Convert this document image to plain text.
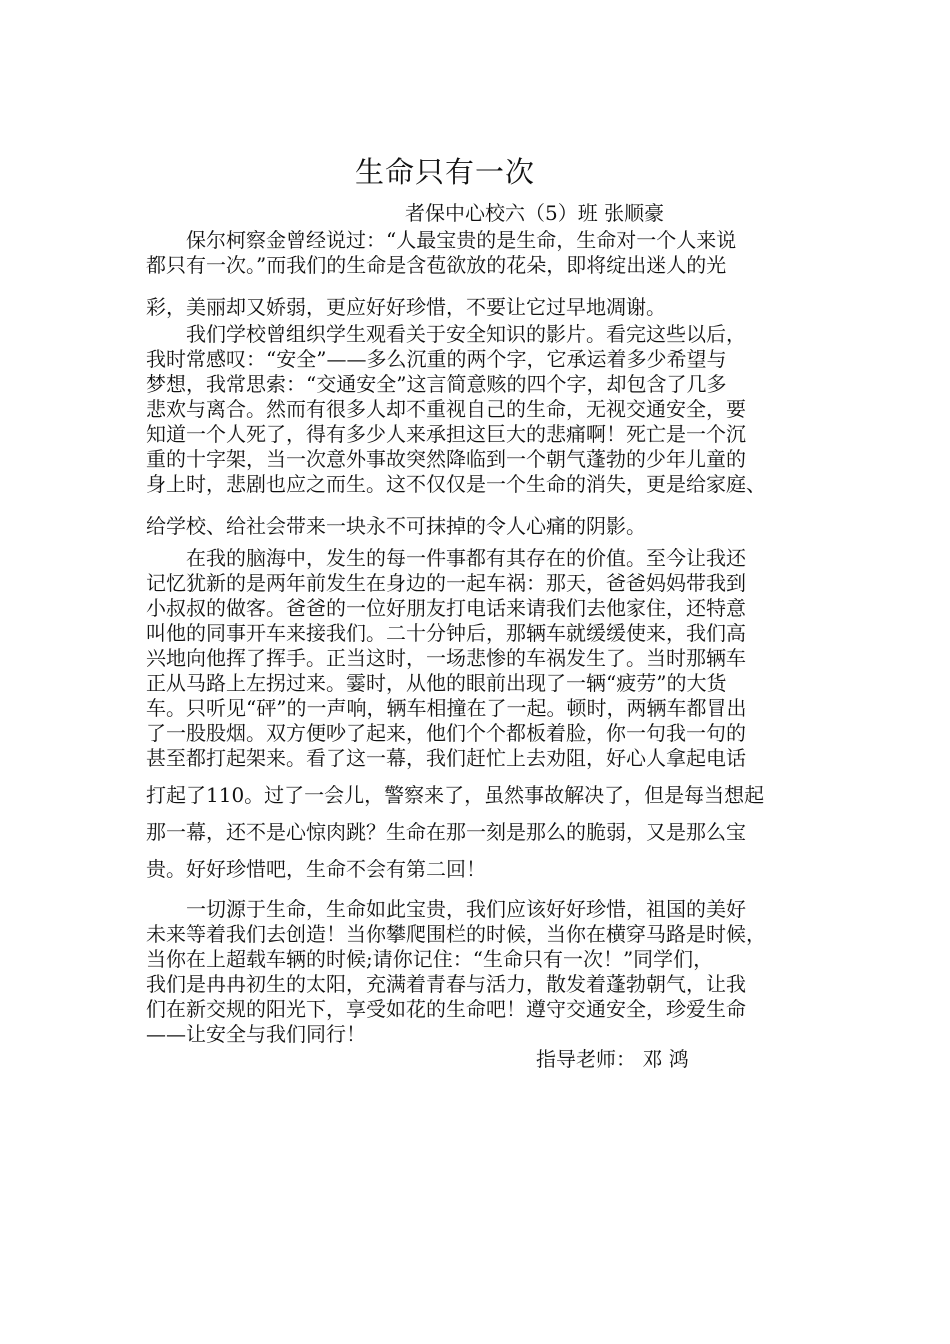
生命只有一次
者保中心校六（5）班 张顺豪

保尔柯察金曾经说过：“人最宝贵的是生命，生命对一个人来说
都只有一次。”而我们的生命是含苞欲放的花朵，即将绽出迷人的光
彩，美丽却又娇弱，更应好好珍惜，不要让它过早地凋谢。

我们学校曾组织学生观看关于安全知识的影片。看完这些以后，
我时常感叹：“安全”——多么沉重的两个字，它承运着多少希望与
梦想，我常思索：“交通安全”这言简意赅的四个字，却包含了几多
悲欢与离合。然而有很多人却不重视自己的生命，无视交通安全，要
知道一个人死了，得有多少人来承担这巨大的悲痛啊！死亡是一个沉
重的十字架，当一次意外事故突然降临到一个朝气蓬勃的少年儿童的
身上时，悲剧也应之而生。这不仅仅是一个生命的消失，更是给家庭、
给学校、给社会带来一块永不可抹掉的令人心痛的阴影。

在我的脑海中，发生的每一件事都有其存在的价值。至今让我还
记忆犹新的是两年前发生在身边的一起车祸：那天，爸爸妈妈带我到
小叔叔的做客。爸爸的一位好朋友打电话来请我们去他家住，还特意
叫他的同事开车来接我们。二十分钟后，那辆车就缓缓使来，我们高
兴地向他挥了挥手。正当这时，一场悲惨的车祸发生了。当时那辆车
正从马路上左拐过来。霎时，从他的眼前出现了一辆“疲劳”的大货
车。只听见“砰”的一声响，辆车相撞在了一起。顿时，两辆车都冒出
了一股股烟。双方便吵了起来，他们个个都板着脸，你一句我一句的
甚至都打起架来。看了这一幕，我们赶忙上去劝阻，好心人拿起电话
打起了110。过了一会儿，警察来了，虽然事故解决了，但是每当想起
那一幕，还不是心惊肉跳？生命在那一刻是那么的脆弱，又是那么宝
贵。好好珍惜吧，生命不会有第二回！

一切源于生命，生命如此宝贵，我们应该好好珍惜，祖国的美好
未来等着我们去创造！当你攀爬围栏的时候，当你在横穿马路是时候，
当你在上超载车辆的时候;请你记住：“生命只有一次！”同学们，
我们是冉冉初生的太阳，充满着青春与活力，散发着蓬勃朝气，让我
们在新交规的阳光下，享受如花的生命吧！遵守交通安全，珍爱生命
——让安全与我们同行！

指导老师： 邓 鸿
